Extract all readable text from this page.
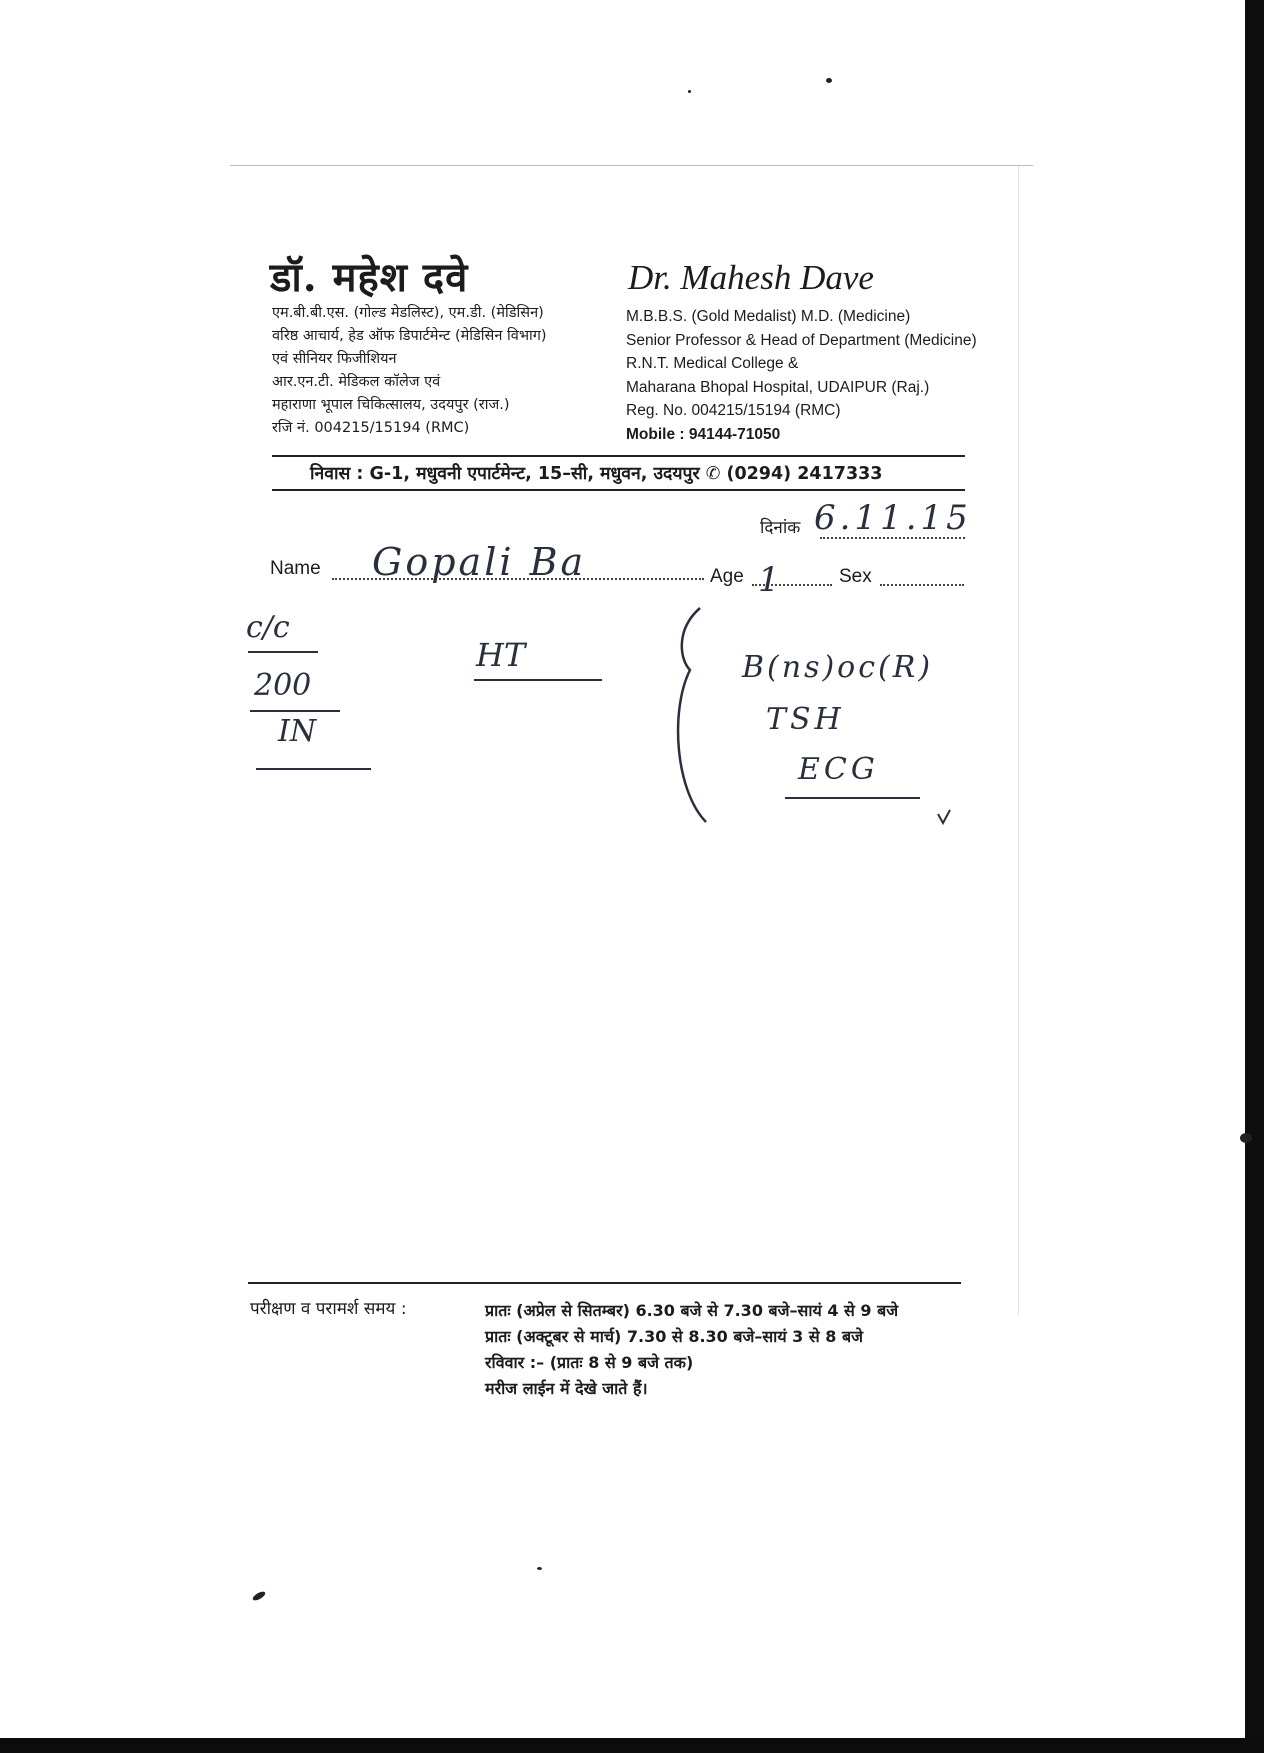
डॉ. महेश दवे	Dr. Mahesh Dave
एम.बी.बी.एस. (गोल्ड मेडलिस्ट), एम.डी. (मेडिसिन)
वरिष्ठ आचार्य, हेड ऑफ डिपार्टमेन्ट (मेडिसिन विभाग)
एवं सीनियर फिजीशियन
आर.एन.टी. मेडिकल कॉलेज एवं
महाराणा भूपाल चिकित्सालय, उदयपुर (राज.)
रजि नं. 004215/15194 (RMC)
M.B.B.S. (Gold Medalist) M.D. (Medicine)
Senior Professor & Head of Department (Medicine)
R.N.T. Medical College &
Maharana Bhopal Hospital, UDAIPUR (Raj.)
Reg. No. 004215/15194 (RMC)
Mobile : 94144-71050
निवास : G-1, मधुवनी एपार्टमेन्ट, 15–सी, मधुवन, उदयपुर ✆ (0294) 2417333
दिनांक 6.11.15
Name Gopali Ba	Age 1	Sex
c/c
200
IN
HT	B(ns)oc(R)
TSH
ECG
परीक्षण व परामर्श समय :	प्रातः (अप्रेल से सितम्बर) 6.30 बजे से 7.30 बजे–सायं 4 से 9 बजे
प्रातः (अक्टूबर से मार्च) 7.30 से 8.30 बजे–सायं 3 से 8 बजे
रविवार :– (प्रातः 8 से 9 बजे तक)
मरीज लाईन में देखे जाते हैं।
